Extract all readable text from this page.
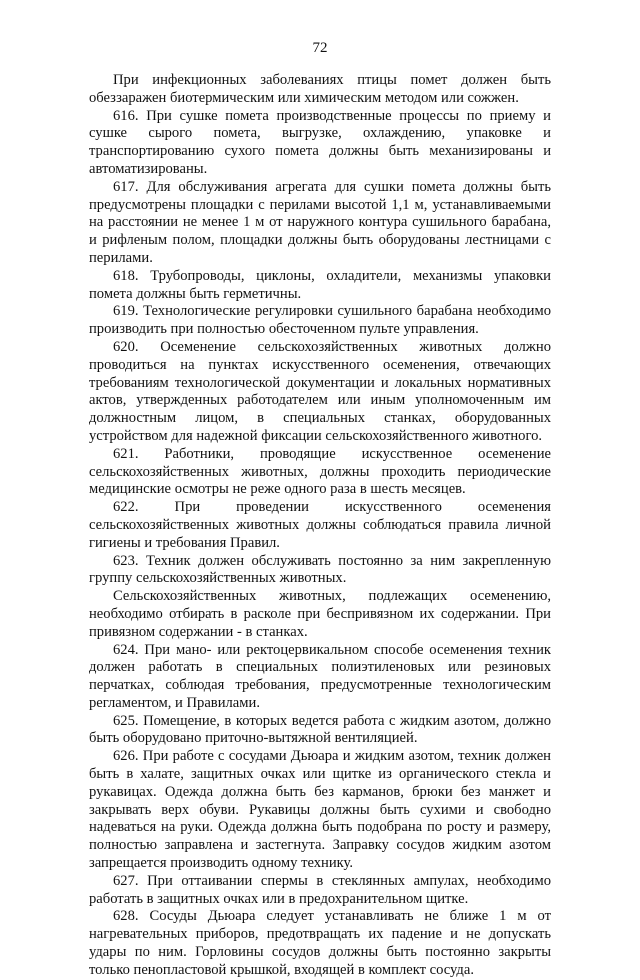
72

При инфекционных заболеваниях птицы помет должен быть обеззаражен биотермическим или химическим методом или сожжен.

616. При сушке помета производственные процессы по приему и сушке сырого помета, выгрузке, охлаждению, упаковке и транспортированию сухого помета должны быть механизированы и автоматизированы.

617. Для обслуживания агрегата для сушки помета должны быть предусмотрены площадки с перилами высотой 1,1 м, устанавливаемыми на расстоянии не менее 1 м от наружного контура сушильного барабана, и рифленым полом, площадки должны быть оборудованы лестницами с перилами.

618. Трубопроводы, циклоны, охладители, механизмы упаковки помета должны быть герметичны.

619. Технологические регулировки сушильного барабана необходимо производить при полностью обесточенном пульте управления.

620. Осеменение сельскохозяйственных животных должно проводиться на пунктах искусственного осеменения, отвечающих требованиям технологической документации и локальных нормативных актов, утвержденных работодателем или иным уполномоченным им должностным лицом, в специальных станках, оборудованных устройством для надежной фиксации сельскохозяйственного животного.

621. Работники, проводящие искусственное осеменение сельскохозяйственных животных, должны проходить периодические медицинские осмотры не реже одного раза в шесть месяцев.

622. При проведении искусственного осеменения сельскохозяйственных животных должны соблюдаться правила личной гигиены и требования Правил.

623. Техник должен обслуживать постоянно за ним закрепленную группу сельскохозяйственных животных.

Сельскохозяйственных животных, подлежащих осеменению, необходимо отбирать в расколе при беспривязном их содержании. При привязном содержании - в станках.

624. При мано- или ректоцервикальном способе осеменения техник должен работать в специальных полиэтиленовых или резиновых перчатках, соблюдая требования, предусмотренные технологическим регламентом, и Правилами.

625. Помещение, в которых ведется работа с жидким азотом, должно быть оборудовано приточно-вытяжной вентиляцией.

626. При работе с сосудами Дьюара и жидким азотом, техник должен быть в халате, защитных очках или щитке из органического стекла и рукавицах. Одежда должна быть без карманов, брюки без манжет и закрывать верх обуви. Рукавицы должны быть сухими и свободно надеваться на руки. Одежда должна быть подобрана по росту и размеру, полностью заправлена и застегнута. Заправку сосудов жидким азотом запрещается производить одному технику.

627. При оттаивании спермы в стеклянных ампулах, необходимо работать в защитных очках или в предохранительном щитке.

628. Сосуды Дьюара следует устанавливать не ближе 1 м от нагревательных приборов, предотвращать их падение и не допускать удары по ним. Горловины сосудов должны быть постоянно закрыты только пенопластовой крышкой, входящей в комплект сосуда.
